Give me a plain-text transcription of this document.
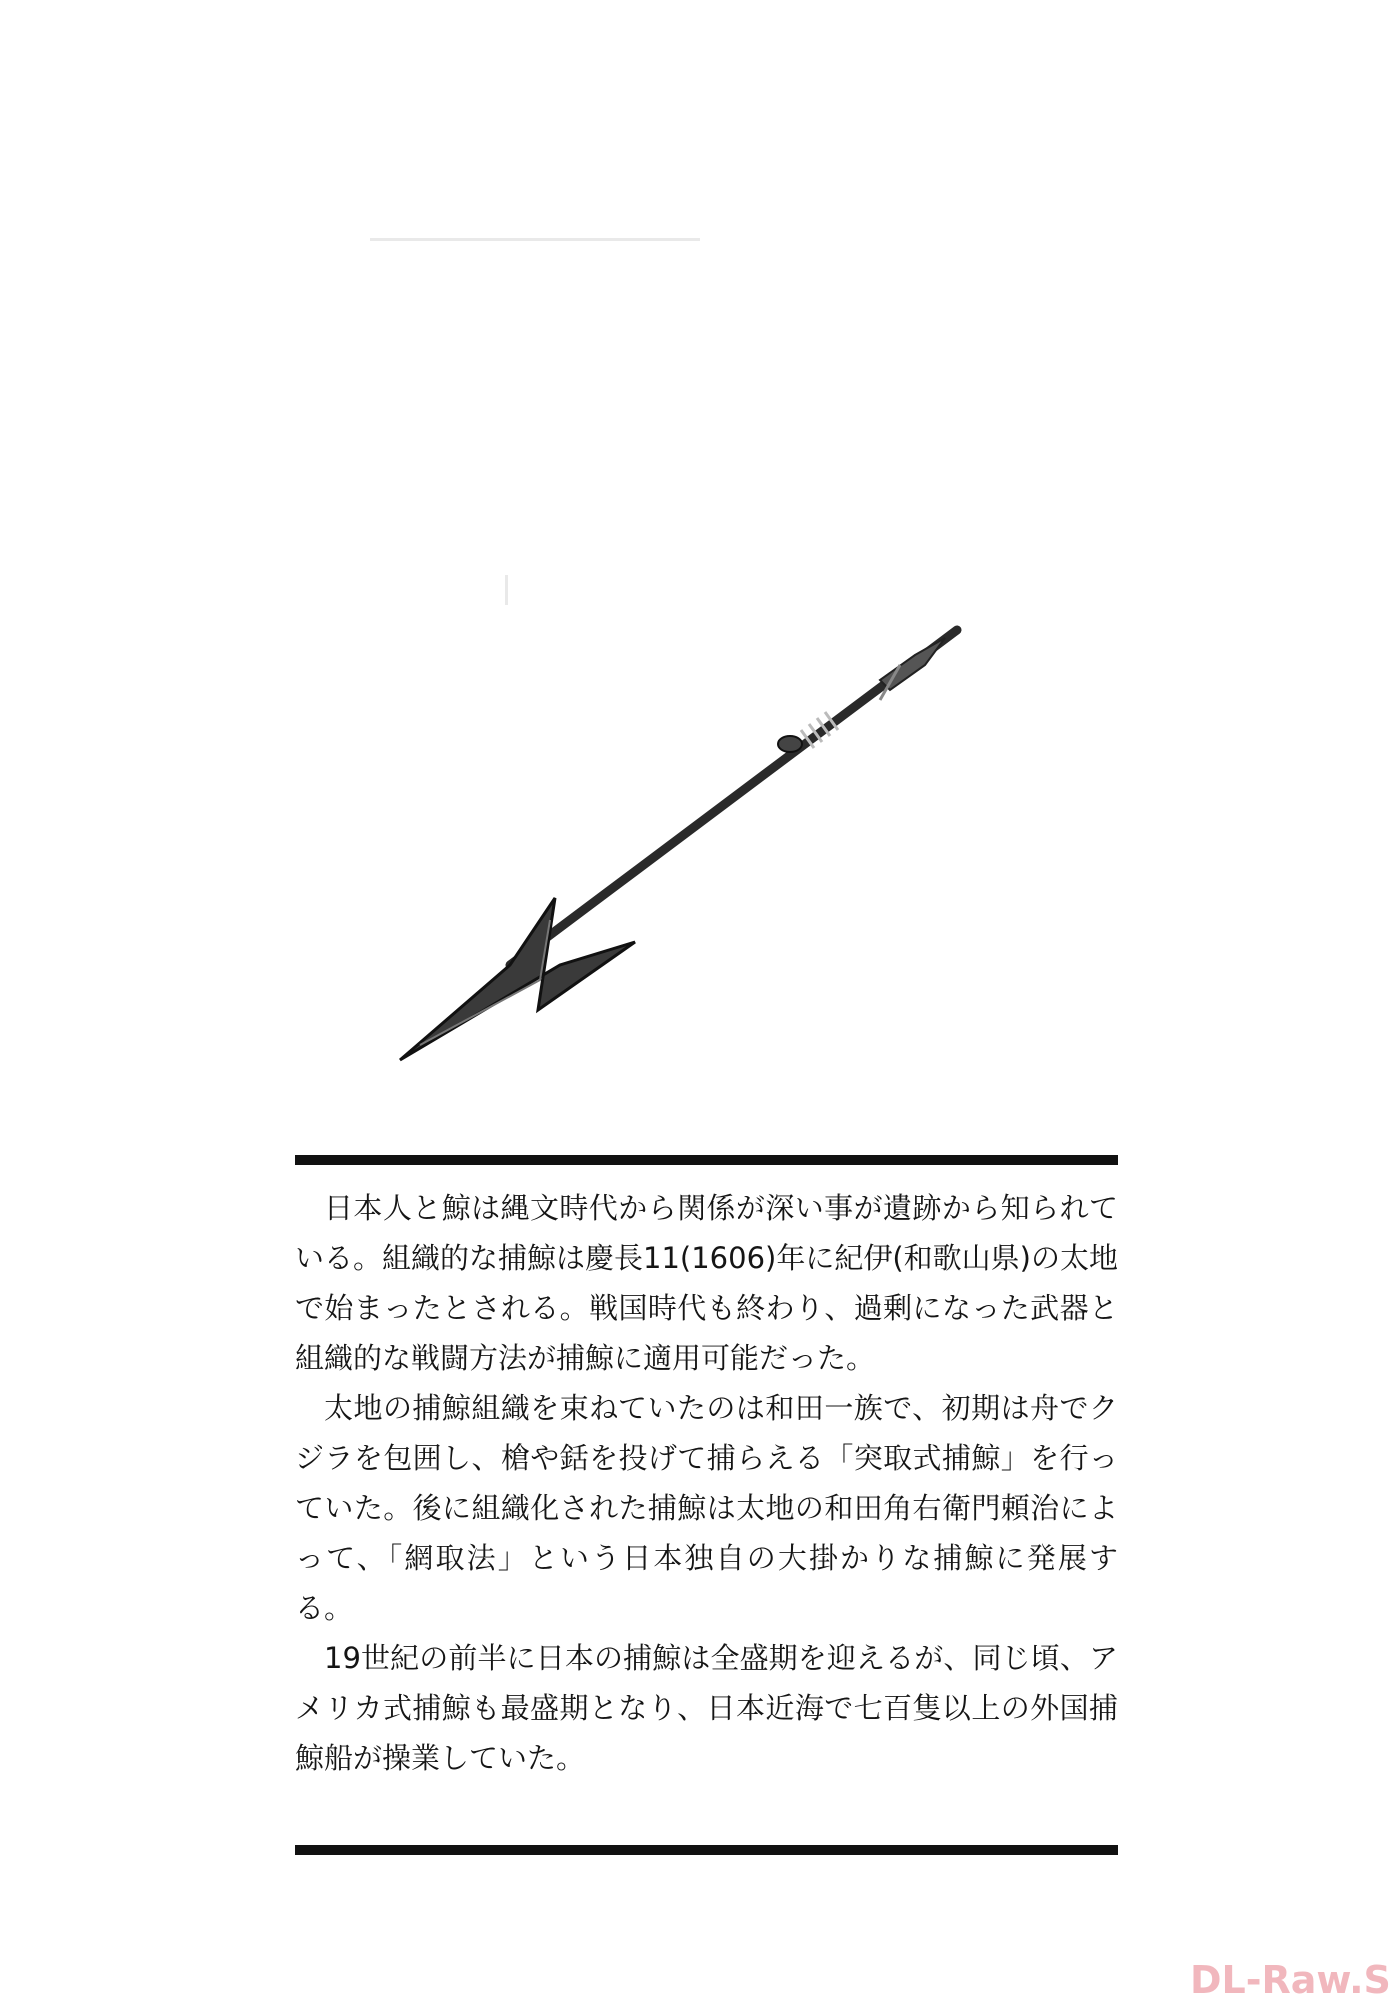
日本人と鯨は縄文時代から関係が深い事が遺跡から知られている。組織的な捕鯨は慶長11(1606)年に紀伊(和歌山県)の太地で始まったとされる。戦国時代も終わり、過剰になった武器と組織的な戦闘方法が捕鯨に適用可能だった。

太地の捕鯨組織を束ねていたのは和田一族で、初期は舟でクジラを包囲し、槍や銛を投げて捕らえる「突取式捕鯨」を行っていた。後に組織化された捕鯨は太地の和田角右衛門頼治によって、「網取法」という日本独自の大掛かりな捕鯨に発展する。

19世紀の前半に日本の捕鯨は全盛期を迎えるが、同じ頃、アメリカ式捕鯨も最盛期となり、日本近海で七百隻以上の外国捕鯨船が操業していた。

DL-Raw.S
